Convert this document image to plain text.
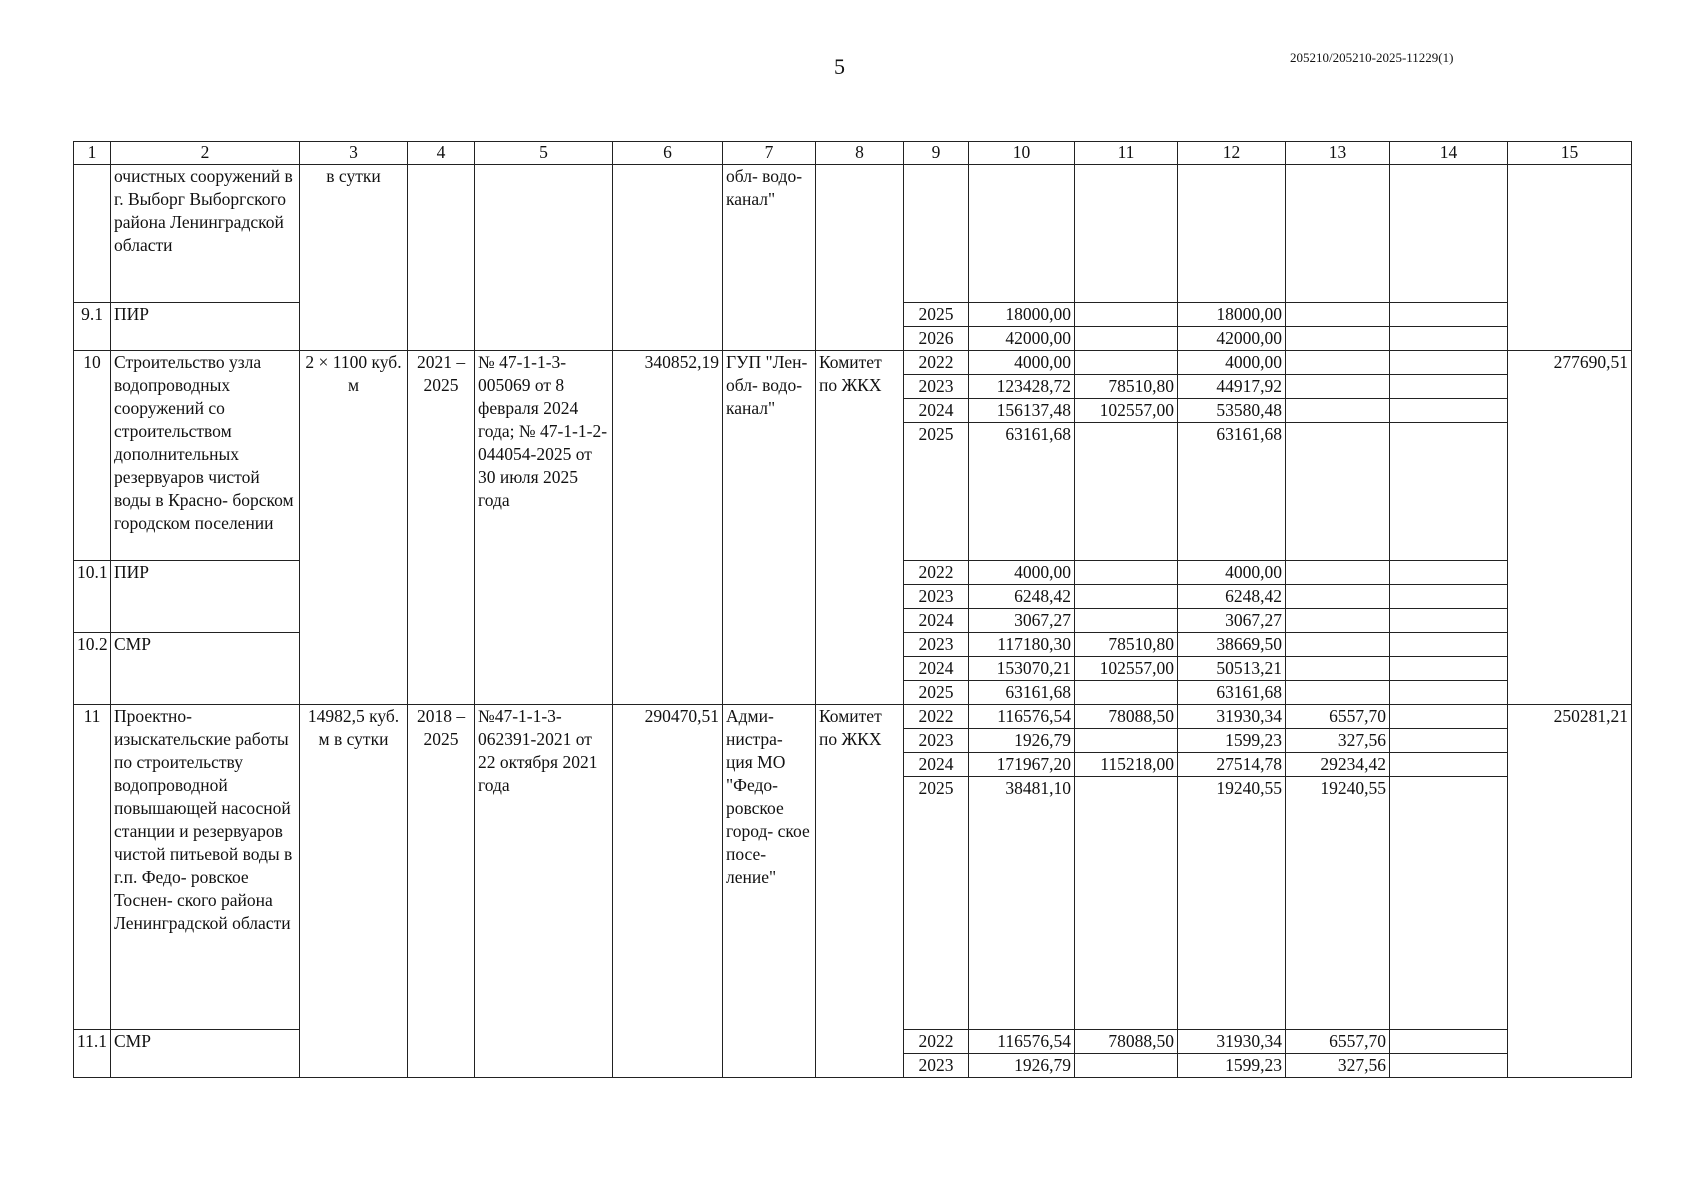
5	205210/205210-2025-11229(1)
1	2	3	4	5	6	7	8	9	10	11	12	13	14	15
	очистных сооружений в г. Выборг Выборгского района Ленинградской области	в сутки				обл- водо- канал"								
9.1	ПИР							2025	18000,00		18000,00			
								2026	42000,00		42000,00			
10	Строительство узла водопроводных сооружений со строительством дополнительных резервуаров чистой воды в Красно- борском городском поселении	2 × 1100 куб. м	2021 – 2025	№ 47-1-1-3- 005069 от 8 февраля 2024 года; № 47-1-1-2- 044054-2025 от 30 июля 2025 года	340852,19	ГУП "Лен- обл- водо- канал"	Комитет по ЖКХ	2022	4000,00		4000,00			277690,51
								2023	123428,72	78510,80	44917,92			
								2024	156137,48	102557,00	53580,48			
								2025	63161,68		63161,68			
10.1	ПИР							2022	4000,00		4000,00			
								2023	6248,42		6248,42			
								2024	3067,27		3067,27			
10.2	СМР							2023	117180,30	78510,80	38669,50			
								2024	153070,21	102557,00	50513,21			
								2025	63161,68		63161,68			
11	Проектно- изыскательские работы по строительству водопроводной повышающей насосной станции и резервуаров чистой питьевой воды в г.п. Федо- ровское Тоснен- ского района Ленинградской области	14982,5 куб. м в сутки	2018 – 2025	№47-1-1-3- 062391-2021 от 22 октября 2021 года	290470,51	Адми- нистра- ция МО "Федо- ровское город- ское посе- ление"	Комитет по ЖКХ	2022	116576,54	78088,50	31930,34	6557,70		250281,21
								2023	1926,79		1599,23	327,56		
								2024	171967,20	115218,00	27514,78	29234,42		
								2025	38481,10		19240,55	19240,55		
11.1	СМР							2022	116576,54	78088,50	31930,34	6557,70		
								2023	1926,79		1599,23	327,56		
